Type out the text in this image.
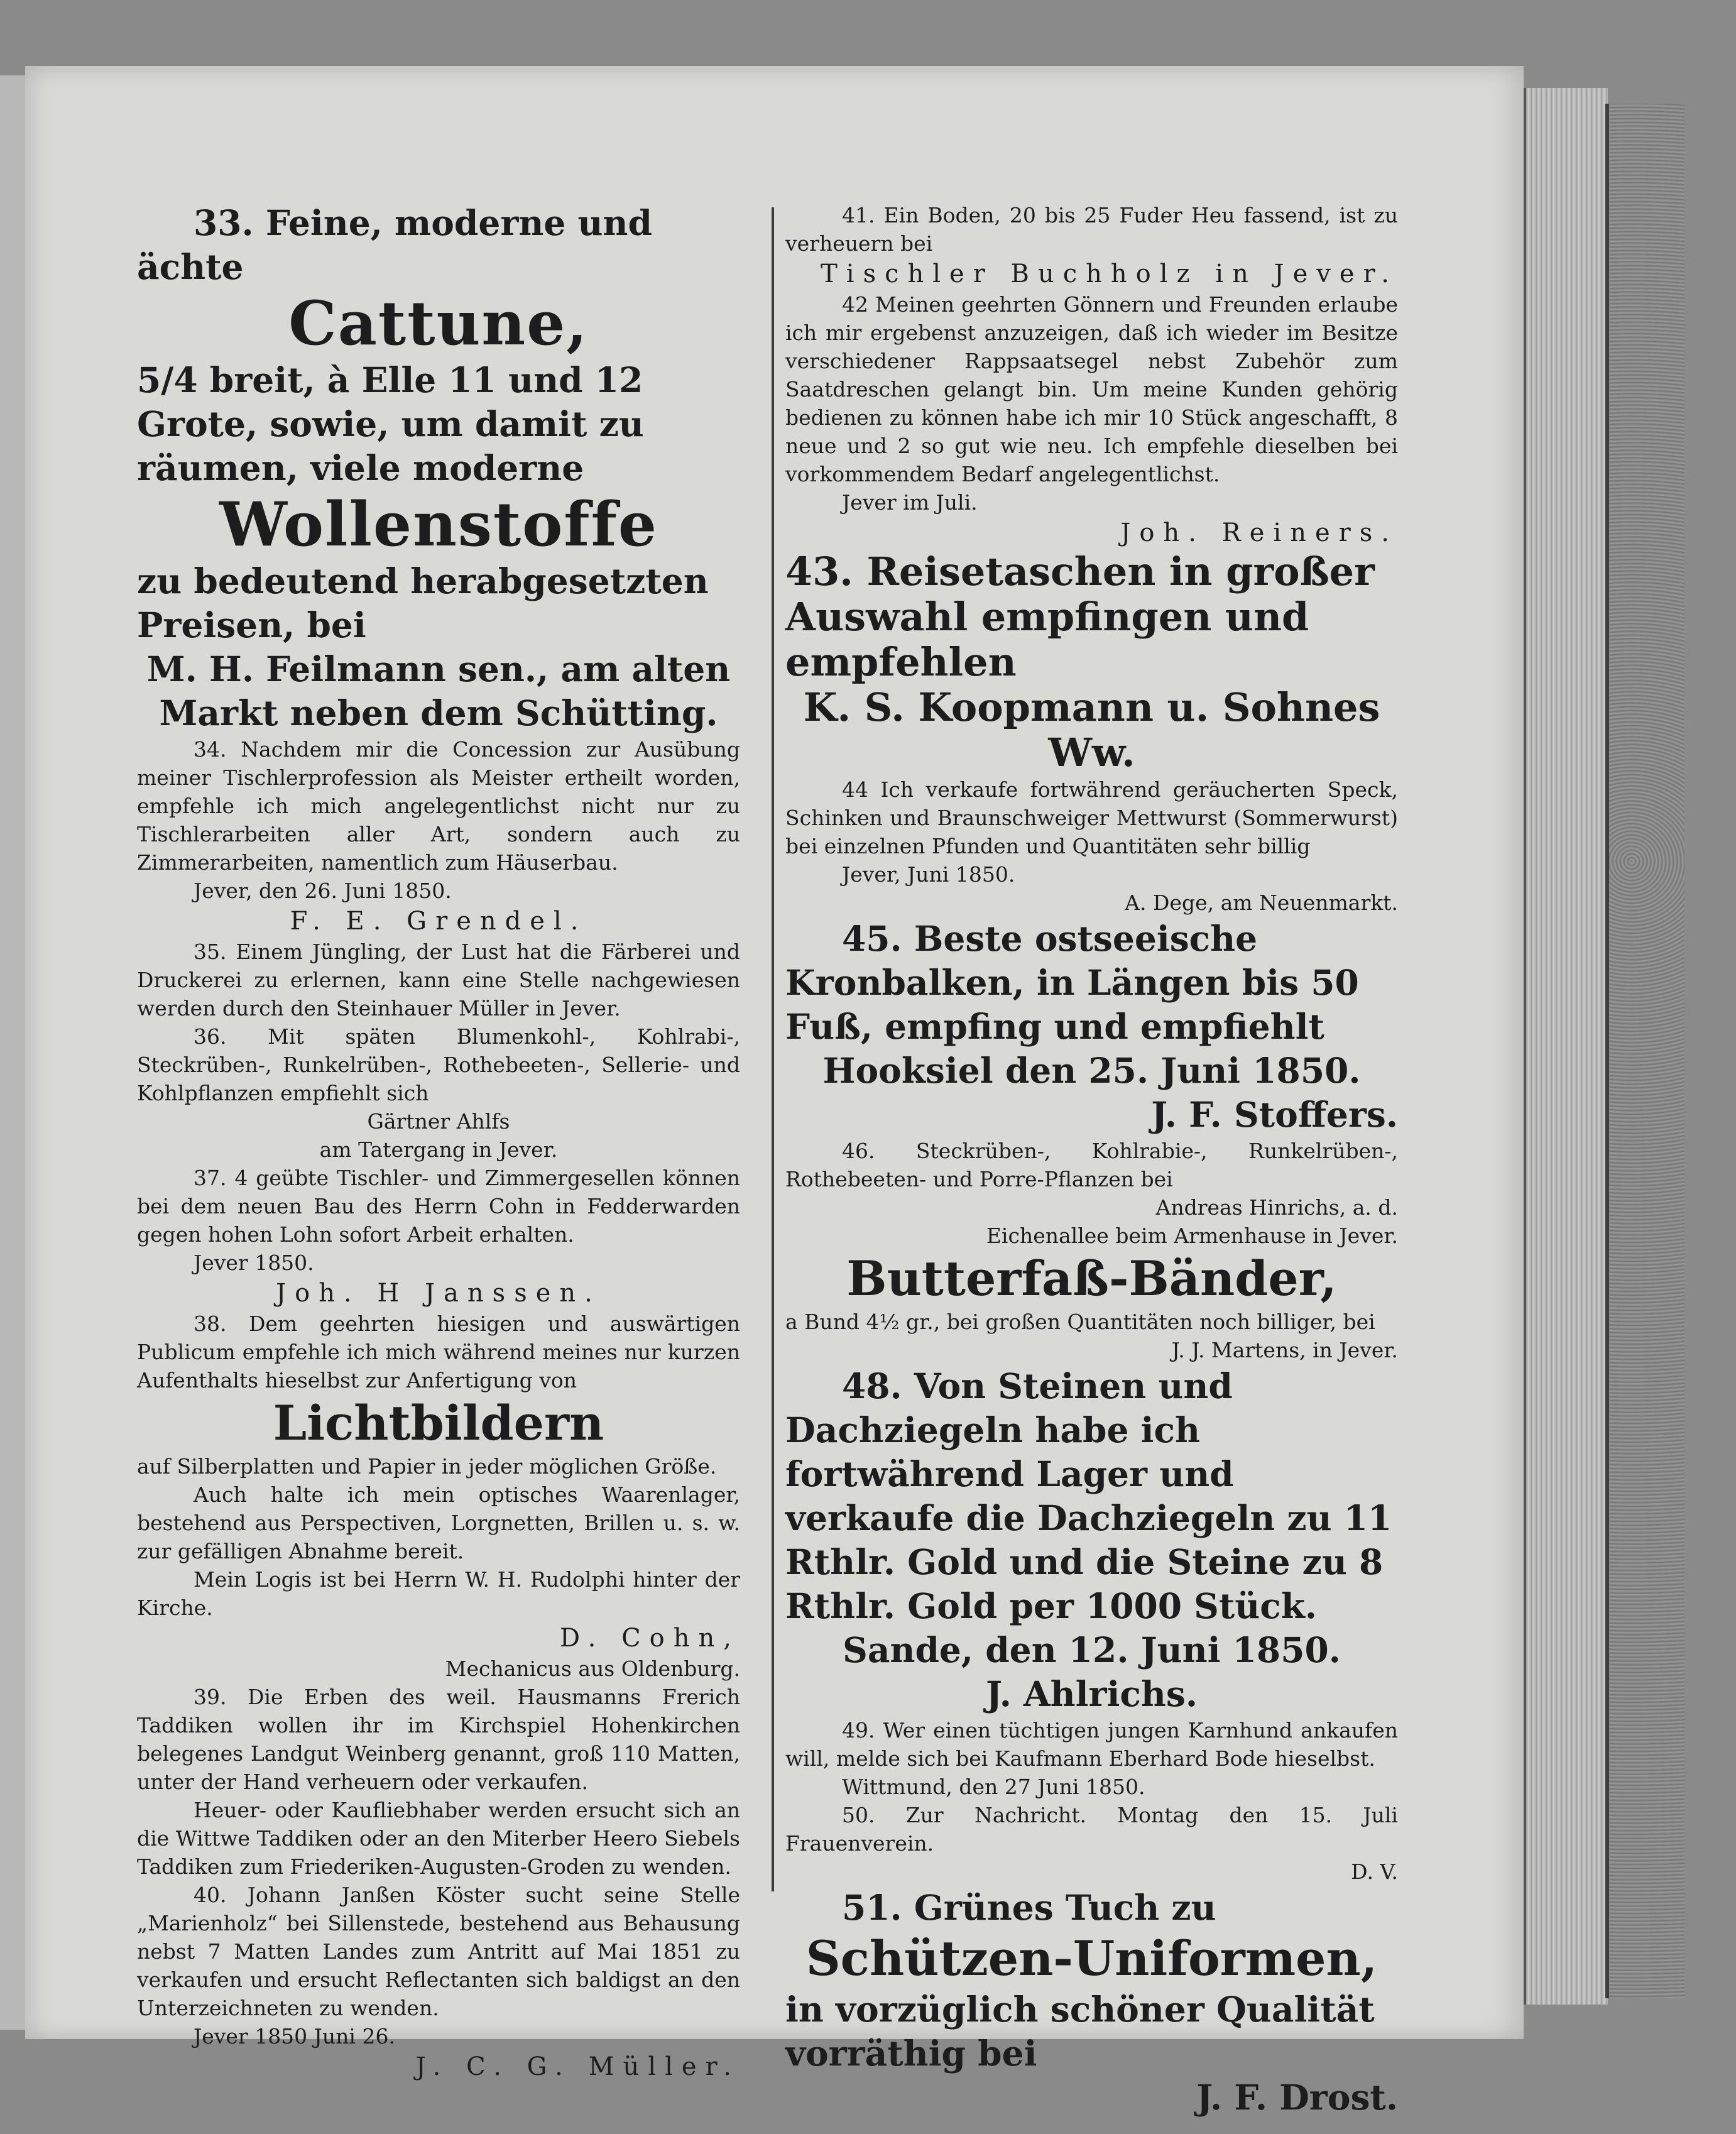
33. Feine, moderne und ächte

Cattune,

5/4 breit, à Elle 11 und 12 Grote, sowie, um damit zu räumen, viele moderne

Wollenstoffe

zu bedeutend herabgesetzten Preisen, bei

M. H. Feilmann sen., am alten Markt neben dem Schütting.

34. Nachdem mir die Concession zur Ausübung meiner Tischlerprofession als Meister ertheilt worden, empfehle ich mich angelegentlichst nicht nur zu Tischlerarbeiten aller Art, sondern auch zu Zimmerarbeiten, namentlich zum Häuserbau.

Jever, den 26. Juni 1850.

F. E. Grendel.

35. Einem Jüngling, der Lust hat die Färberei und Druckerei zu erlernen, kann eine Stelle nachgewiesen werden durch den Steinhauer Müller in Jever.

36. Mit späten Blumenkohl-, Kohlrabi-, Steckrüben-, Runkelrüben-, Rothebeeten-, Sellerie- und Kohlpflanzen empfiehlt sich

Gärtner Ahlfs

am Tatergang in Jever.

37. 4 geübte Tischler- und Zimmergesellen können bei dem neuen Bau des Herrn Cohn in Fedderwarden gegen hohen Lohn sofort Arbeit erhalten.

Jever 1850.

Joh. H Janssen.

38. Dem geehrten hiesigen und auswärtigen Publicum empfehle ich mich während meines nur kurzen Aufenthalts hieselbst zur Anfertigung von

Lichtbildern

auf Silberplatten und Papier in jeder möglichen Größe.

Auch halte ich mein optisches Waarenlager, bestehend aus Perspectiven, Lorgnetten, Brillen u. s. w. zur gefälligen Abnahme bereit.

Mein Logis ist bei Herrn W. H. Rudolphi hinter der Kirche.

D. Cohn,

Mechanicus aus Oldenburg.

39. Die Erben des weil. Hausmanns Frerich Taddiken wollen ihr im Kirchspiel Hohenkirchen belegenes Landgut Weinberg genannt, groß 110 Matten, unter der Hand verheuern oder verkaufen.

Heuer- oder Kaufliebhaber werden ersucht sich an die Wittwe Taddiken oder an den Miterber Heero Siebels Taddiken zum Friederiken-Augusten-Groden zu wenden.

40. Johann Janßen Köster sucht seine Stelle „Marienholz“ bei Sillenstede, bestehend aus Behausung nebst 7 Matten Landes zum Antritt auf Mai 1851 zu verkaufen und ersucht Reflectanten sich baldigst an den Unterzeichneten zu wenden.

Jever 1850 Juni 26.

J. C. G. Müller.

41. Ein Boden, 20 bis 25 Fuder Heu fassend, ist zu verheuern bei

Tischler Buchholz in Jever.

42 Meinen geehrten Gönnern und Freunden erlaube ich mir ergebenst anzuzeigen, daß ich wieder im Besitze verschiedener Rappsaatsegel nebst Zubehör zum Saatdreschen gelangt bin. Um meine Kunden gehörig bedienen zu können habe ich mir 10 Stück angeschafft, 8 neue und 2 so gut wie neu. Ich empfehle dieselben bei vorkommendem Bedarf angelegentlichst.

Jever im Juli.

Joh. Reiners.

43. Reisetaschen in großer Auswahl empfingen und empfehlen

K. S. Koopmann u. Sohnes Ww.

44 Ich verkaufe fortwährend geräucherten Speck, Schinken und Braunschweiger Mettwurst (Sommerwurst) bei einzelnen Pfunden und Quantitäten sehr billig

Jever, Juni 1850.

A. Dege, am Neuenmarkt.

45. Beste ostseeische Kronbalken, in Längen bis 50 Fuß, empfing und empfiehlt

Hooksiel den 25. Juni 1850.

J. F. Stoffers.

46. Steckrüben-, Kohlrabie-, Runkelrüben-, Rothebeeten- und Porre-Pflanzen bei

Andreas Hinrichs, a. d.

Eichenallee beim Armenhause in Jever.

Butterfaß-Bänder,

a Bund 4½ gr., bei großen Quantitäten noch billiger, bei

J. J. Martens, in Jever.

48. Von Steinen und Dachziegeln habe ich fortwährend Lager und verkaufe die Dachziegeln zu 11 Rthlr. Gold und die Steine zu 8 Rthlr. Gold per 1000 Stück.

Sande, den 12. Juni 1850.

J. Ahlrichs.

49. Wer einen tüchtigen jungen Karnhund ankaufen will, melde sich bei Kaufmann Eberhard Bode hieselbst.

Wittmund, den 27 Juni 1850.

50. Zur Nachricht. Montag den 15. Juli Frauenverein.

D. V.

51. Grünes Tuch zu

Schützen-Uniformen,

in vorzüglich schöner Qualität vorräthig bei

J. F. Drost.
